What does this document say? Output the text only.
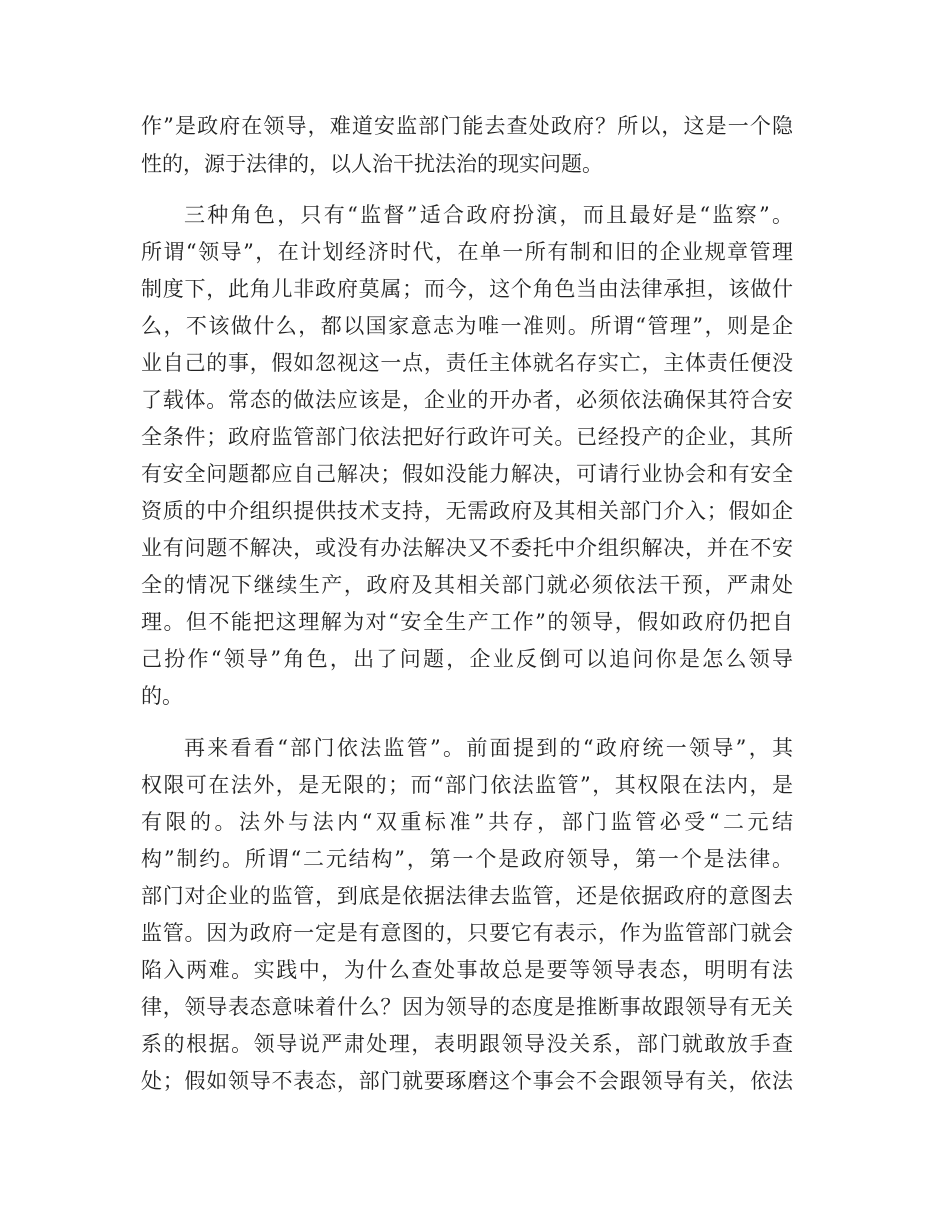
作”是政府在领导，难道安监部门能去查处政府？所以，这是一个隐
性的，源于法律的，以人治干扰法治的现实问题。
三种角色，只有“监督”适合政府扮演，而且最好是“监察”。
所谓“领导”，在计划经济时代，在单一所有制和旧的企业规章管理
制度下，此角儿非政府莫属；而今，这个角色当由法律承担，该做什
么，不该做什么，都以国家意志为唯一准则。所谓“管理”，则是企
业自己的事，假如忽视这一点，责任主体就名存实亡，主体责任便没
了载体。常态的做法应该是，企业的开办者，必须依法确保其符合安
全条件；政府监管部门依法把好行政许可关。已经投产的企业，其所
有安全问题都应自己解决；假如没能力解决，可请行业协会和有安全
资质的中介组织提供技术支持，无需政府及其相关部门介入；假如企
业有问题不解决，或没有办法解决又不委托中介组织解决，并在不安
全的情况下继续生产，政府及其相关部门就必须依法干预，严肃处
理。但不能把这理解为对“安全生产工作”的领导，假如政府仍把自
己扮作“领导”角色，出了问题，企业反倒可以追问你是怎么领导
的。
再来看看“部门依法监管”。前面提到的“政府统一领导”，其
权限可在法外，是无限的；而“部门依法监管”，其权限在法内，是
有限的。法外与法内“双重标准”共存，部门监管必受“二元结
构”制约。所谓“二元结构”，第一个是政府领导，第一个是法律。
部门对企业的监管，到底是依据法律去监管，还是依据政府的意图去
监管。因为政府一定是有意图的，只要它有表示，作为监管部门就会
陷入两难。实践中，为什么查处事故总是要等领导表态，明明有法
律，领导表态意味着什么？因为领导的态度是推断事故跟领导有无关
系的根据。领导说严肃处理，表明跟领导没关系，部门就敢放手查
处；假如领导不表态，部门就要琢磨这个事会不会跟领导有关，依法
